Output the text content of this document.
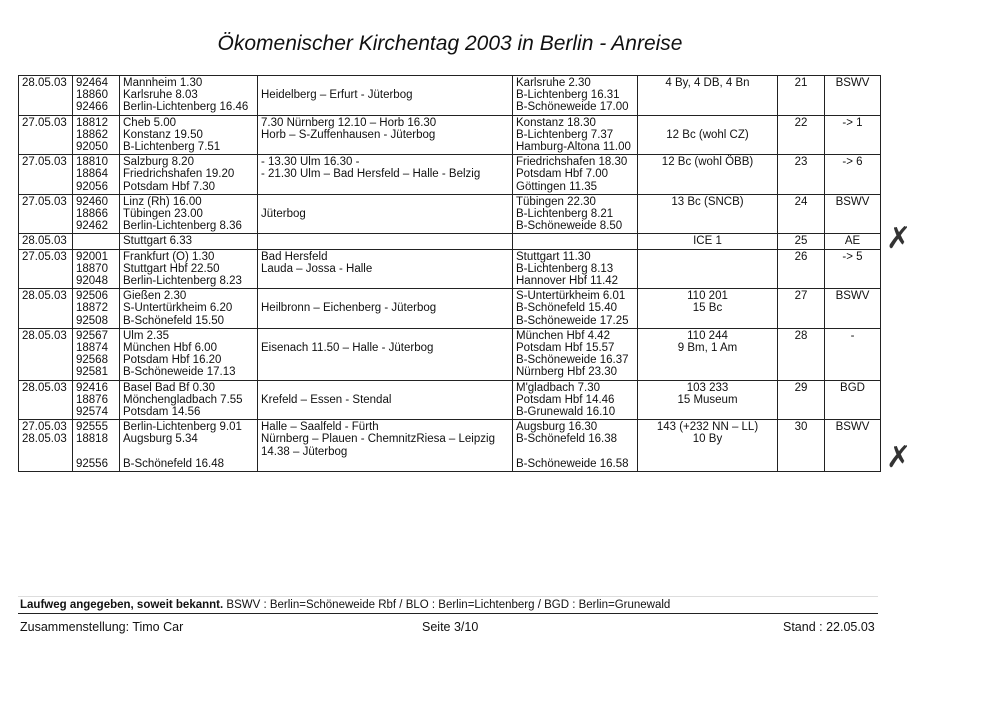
Ökomenischer Kirchentag 2003 in Berlin - Anreise
28.05.03	92464
18860
92466	Mannheim 1.30
Karlsruhe 8.03
Berlin-Lichtenberg 16.46	Heidelberg – Erfurt - Jüterbog	Karlsruhe 2.30
B-Lichtenberg 16.31
B-Schöneweide 17.00	4 By, 4 DB, 4 Bn	21	BSWV

27.05.03	18812
18862
92050	Cheb 5.00
Konstanz 19.50
B-Lichtenberg 7.51	7.30 Nürnberg 12.10 – Horb 16.30
Horb – S-Zuffenhausen - Jüterbog	Konstanz 18.30
B-Lichtenberg 7.37
Hamburg-Altona 11.00	12 Bc (wohl CZ)	22	-> 1

27.05.03	18810
18864
92056	Salzburg 8.20
Friedrichshafen 19.20
Potsdam Hbf 7.30	- 13.30 Ulm 16.30 -
- 21.30 Ulm – Bad Hersfeld – Halle - Belzig	Friedrichshafen 18.30
Potsdam Hbf 7.00
Göttingen 11.35	12 Bc (wohl ÖBB)	23	-> 6

27.05.03	92460
18866
92462	Linz (Rh) 16.00
Tübingen 23.00
Berlin-Lichtenberg 8.36	Jüterbog	Tübingen 22.30
B-Lichtenberg 8.21
B-Schöneweide 8.50	13 Bc (SNCB)	24	BSWV

28.05.03		Stuttgart 6.33			ICE 1	25	AE

27.05.03	92001
18870
92048	Frankfurt (O) 1.30
Stuttgart Hbf 22.50
Berlin-Lichtenberg 8.23	Bad Hersfeld
Lauda – Jossa - Halle	Stuttgart 11.30
B-Lichtenberg 8.13
Hannover Hbf 11.42		26	-> 5

28.05.03	92506
18872
92508	Gießen 2.30
S-Untertürkheim 6.20
B-Schönefeld 15.50	Heilbronn – Eichenberg - Jüterbog	S-Untertürkheim 6.01
B-Schönefeld 15.40
B-Schöneweide 17.25	110 201
15 Bc	27	BSWV

28.05.03	92567
18874
92568
92581	Ulm 2.35
München Hbf 6.00
Potsdam Hbf 16.20
B-Schöneweide 17.13	Eisenach 11.50 – Halle - Jüterbog	München Hbf 4.42
Potsdam Hbf 15.57
B-Schöneweide 16.37
Nürnberg Hbf 23.30	110 244
9 Bm, 1 Am	28	-

28.05.03	92416
18876
92574	Basel Bad Bf 0.30
Mönchengladbach 7.55
Potsdam 14.56	Krefeld – Essen - Stendal	M'gladbach 7.30
Potsdam Hbf 14.46
B-Grunewald 16.10	103 233
15 Museum	29	BGD

27.05.03
28.05.03	92555
18818
92556	Berlin-Lichtenberg 9.01
Augsburg 5.34
B-Schönefeld 16.48	Halle – Saalfeld - Fürth
Nürnberg – Plauen - ChemnitzRiesa – Leipzig
14.38 – Jüterbog	Augsburg 16.30
B-Schönefeld 16.38
B-Schöneweide 16.58	143 (+232 NN – LL)
10 By	30	BSWV
✗
✗
Laufweg angegeben, soweit bekannt. BSWV : Berlin=Schöneweide Rbf / BLO : Berlin=Lichtenberg / BGD : Berlin=Grunewald
Zusammenstellung: Timo Car	Seite 3/10	Stand : 22.05.03
